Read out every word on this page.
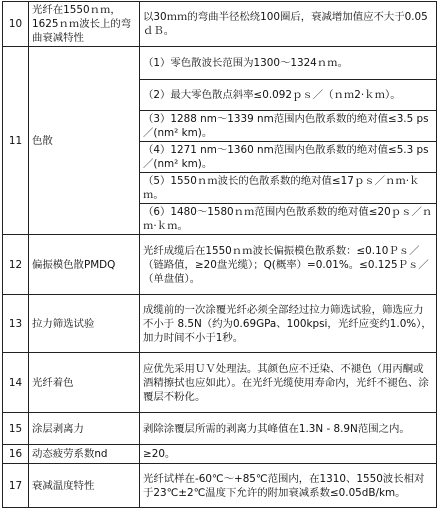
10	光纤在1550ｎｍ，1625ｎｍ波长上的弯曲衰减特性	以30ｍｍ的弯曲半径松绕100圈后，衰减增加值应不大于0.05ｄＢ。
11	色散	（1）零色散波长范围为1300～1324ｎｍ。
		（2）最大零色散点斜率≤0.092ｐｓ／（ｎｍ2·ｋｍ）。
		（3）1288 nm～1339 nm范围内色散系数的绝对值≤3.5 ps／(nm² km)。
		（4）1271 nm～1360 nm范围内色散系数的绝对值≤5.3 ps／(nm² km)。
		（5）1550ｎｍ波长的色散系数的绝对值≤17ｐｓ／ｎｍ·ｋｍ。
		（6）1480～1580ｎｍ范围内色散系数的绝对值≤20ｐｓ／ｎｍ·ｋｍ。
12	偏振模色散PMDQ	光纤成缆后在1550ｎｍ波长偏振模色散系数：≤0.10Ｐｓ／（链路值，≥20盘光缆）；Q(概率）=0.01%。≤0.125Ｐｓ／（单盘值）。
13	拉力筛选试验	成缆前的一次涂覆光纤必须全部经过拉力筛选试验，筛选应力不小于 8.5N（约为0.69GPa、100kpsi，光纤应变约1.0%），加力时间不小于1秒。
14	光纤着色	应优先采用ＵＶ处理法。其颜色应不迁染、不褪色（用丙酮或酒精擦拭也应如此）。在光纤光缆使用寿命内，光纤不褪色、涂覆层不粉化。
15	涂层剥离力	剥除涂覆层所需的剥离力其峰值在1.3N - 8.9N范围之内。
16	动态疲劳系数nd	≥20。
17	衰减温度特性	光纤试样在-60℃～+85℃范围内，在1310、1550波长相对于23℃±2℃温度下允许的附加衰减系数≤0.05dB/km。
